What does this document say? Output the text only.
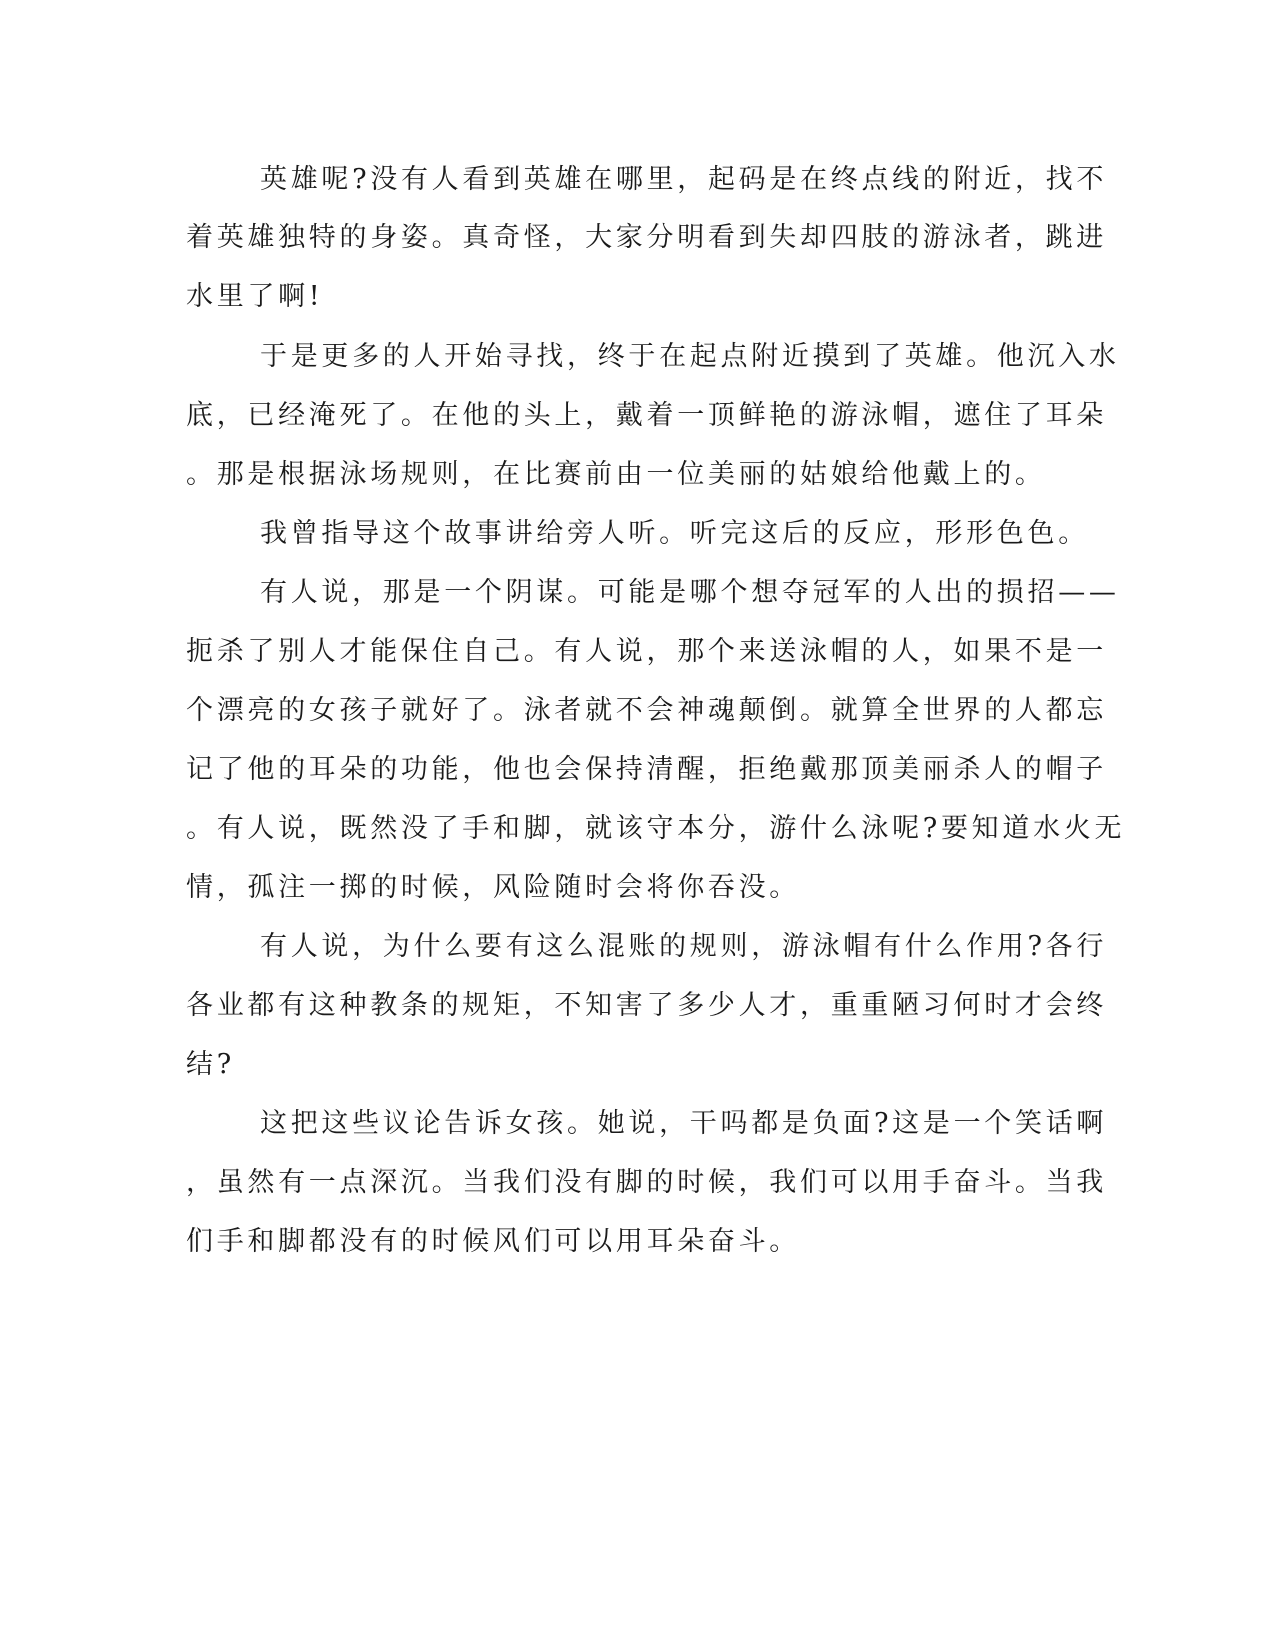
英雄呢?没有人看到英雄在哪里，起码是在终点线的附近，找不
着英雄独特的身姿。真奇怪，大家分明看到失却四肢的游泳者，跳进
水里了啊!
于是更多的人开始寻找，终于在起点附近摸到了英雄。他沉入水
底，已经淹死了。在他的头上，戴着一顶鲜艳的游泳帽，遮住了耳朵
。那是根据泳场规则，在比赛前由一位美丽的姑娘给他戴上的。
我曾指导这个故事讲给旁人听。听完这后的反应，形形色色。
有人说，那是一个阴谋。可能是哪个想夺冠军的人出的损招——
扼杀了别人才能保住自己。有人说，那个来送泳帽的人，如果不是一
个漂亮的女孩子就好了。泳者就不会神魂颠倒。就算全世界的人都忘
记了他的耳朵的功能，他也会保持清醒，拒绝戴那顶美丽杀人的帽子
。有人说，既然没了手和脚，就该守本分，游什么泳呢?要知道水火无
情，孤注一掷的时候，风险随时会将你吞没。
有人说，为什么要有这么混账的规则，游泳帽有什么作用?各行
各业都有这种教条的规矩，不知害了多少人才，重重陋习何时才会终
结?
这把这些议论告诉女孩。她说，干吗都是负面?这是一个笑话啊
，虽然有一点深沉。当我们没有脚的时候，我们可以用手奋斗。当我
们手和脚都没有的时候风们可以用耳朵奋斗。
